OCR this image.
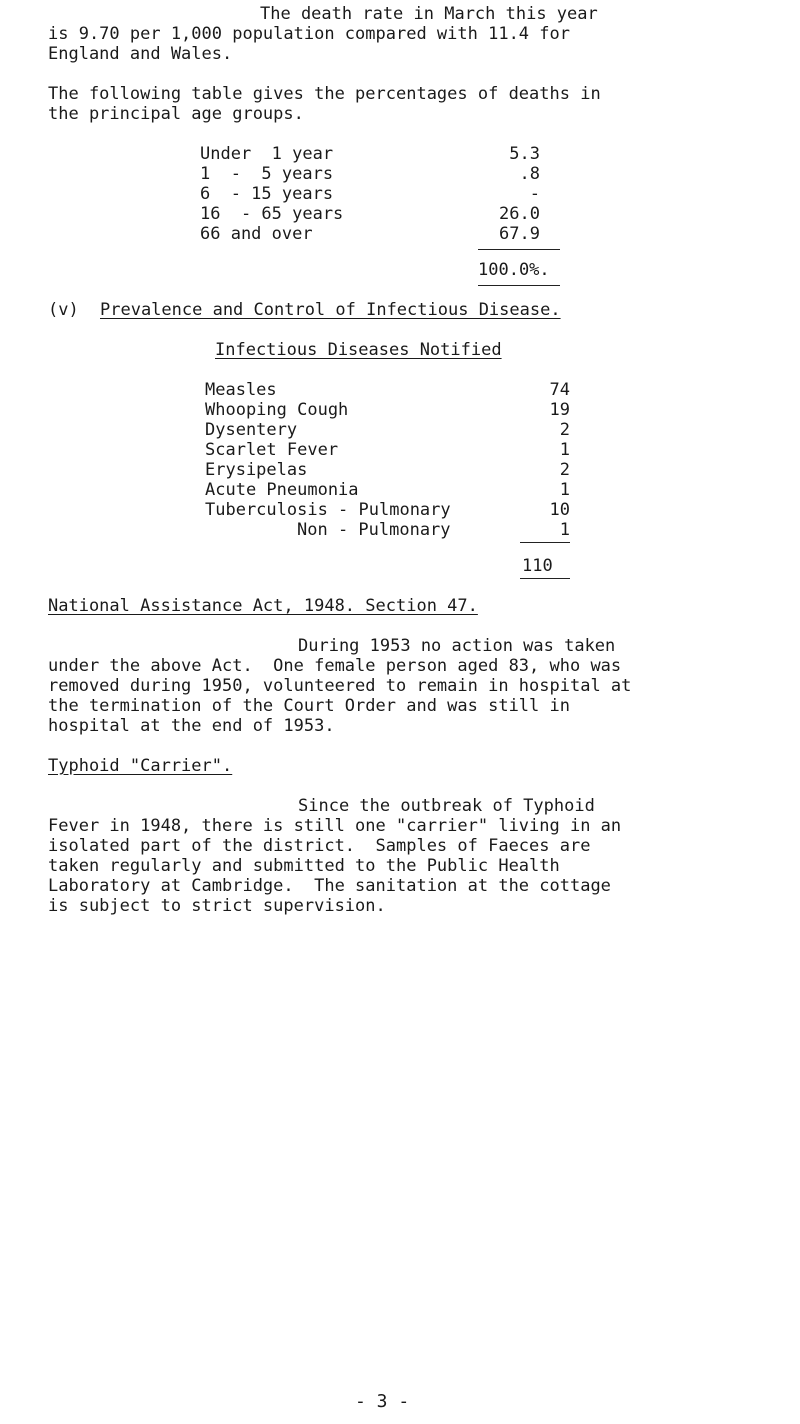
The death rate in March this year
is 9.70 per 1,000 population compared with 11.4 for
England and Wales.
The following table gives the percentages of deaths in
the principal age groups.
Under  1 year	5.3
1  -  5 years	.8
6  - 15 years	-
16  - 65 years	26.0
66 and over	67.9
100.0%.
(v) Prevalence and Control of Infectious Disease.
Infectious Diseases Notified
Measles	74
Whooping Cough	19
Dysentery	2
Scarlet Fever	1
Erysipelas	2
Acute Pneumonia	1
Tuberculosis - Pulmonary	10
Non - Pulmonary	1
110
National Assistance Act, 1948. Section 47.
During 1953 no action was taken
under the above Act.  One female person aged 83, who was
removed during 1950, volunteered to remain in hospital at
the termination of the Court Order and was still in
hospital at the end of 1953.
Typhoid "Carrier".
Since the outbreak of Typhoid
Fever in 1948, there is still one "carrier" living in an
isolated part of the district.  Samples of Faeces are
taken regularly and submitted to the Public Health
Laboratory at Cambridge.  The sanitation at the cottage
is subject to strict supervision.
- 3 -
